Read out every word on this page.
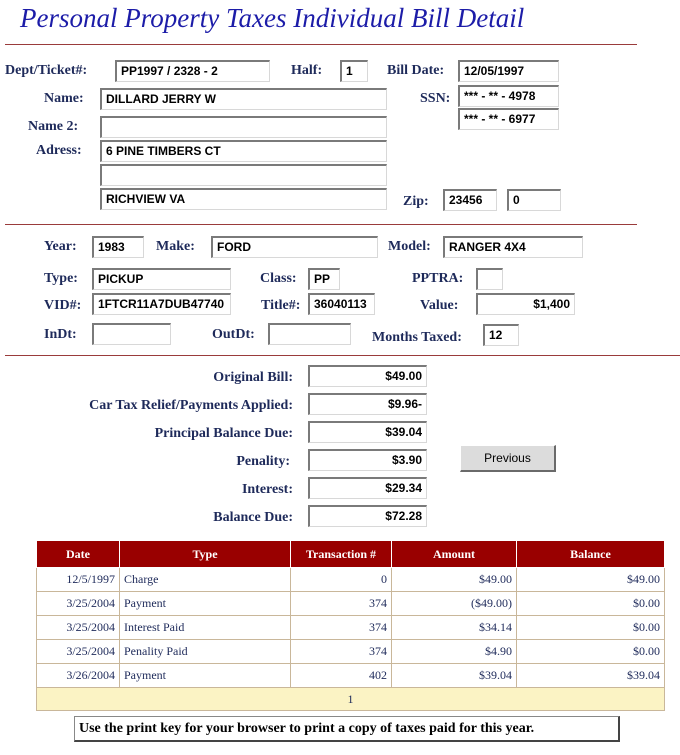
Personal Property Taxes Individual Bill Detail
Dept/Ticket#:	PP1997 / 2328 - 2	Half:	1	Bill Date:	12/05/1997
Name:	DILLARD JERRY W	SSN:	*** - ** - 4978
*** - ** - 6977
Name 2:
Adress:	6 PINE TIMBERS CT
RICHVIEW VA	Zip:	23456	0
Year:	1983	Make:	FORD	Model:	RANGER 4X4
Type:	PICKUP	Class:	PP	PPTRA:
VID#:	1FTCR11A7DUB47740	Title#:	36040113	Value:	$1,400
InDt:	OutDt:	Months Taxed:	12
Original Bill:	$49.00
Car Tax Relief/Payments Applied:	$9.96-
Principal Balance Due:	$39.04
Penality:	$3.90
Interest:	$29.34
Balance Due:	$72.28
Previous
Date	Type	Transaction #	Amount	Balance
12/5/1997	Charge	0	$49.00	$49.00
3/25/2004	Payment	374	($49.00)	$0.00
3/25/2004	Interest Paid	374	$34.14	$0.00
3/25/2004	Penality Paid	374	$4.90	$0.00
3/26/2004	Payment	402	$39.04	$39.04
1				
Use the print key for your browser to print a copy of taxes paid for this year.
